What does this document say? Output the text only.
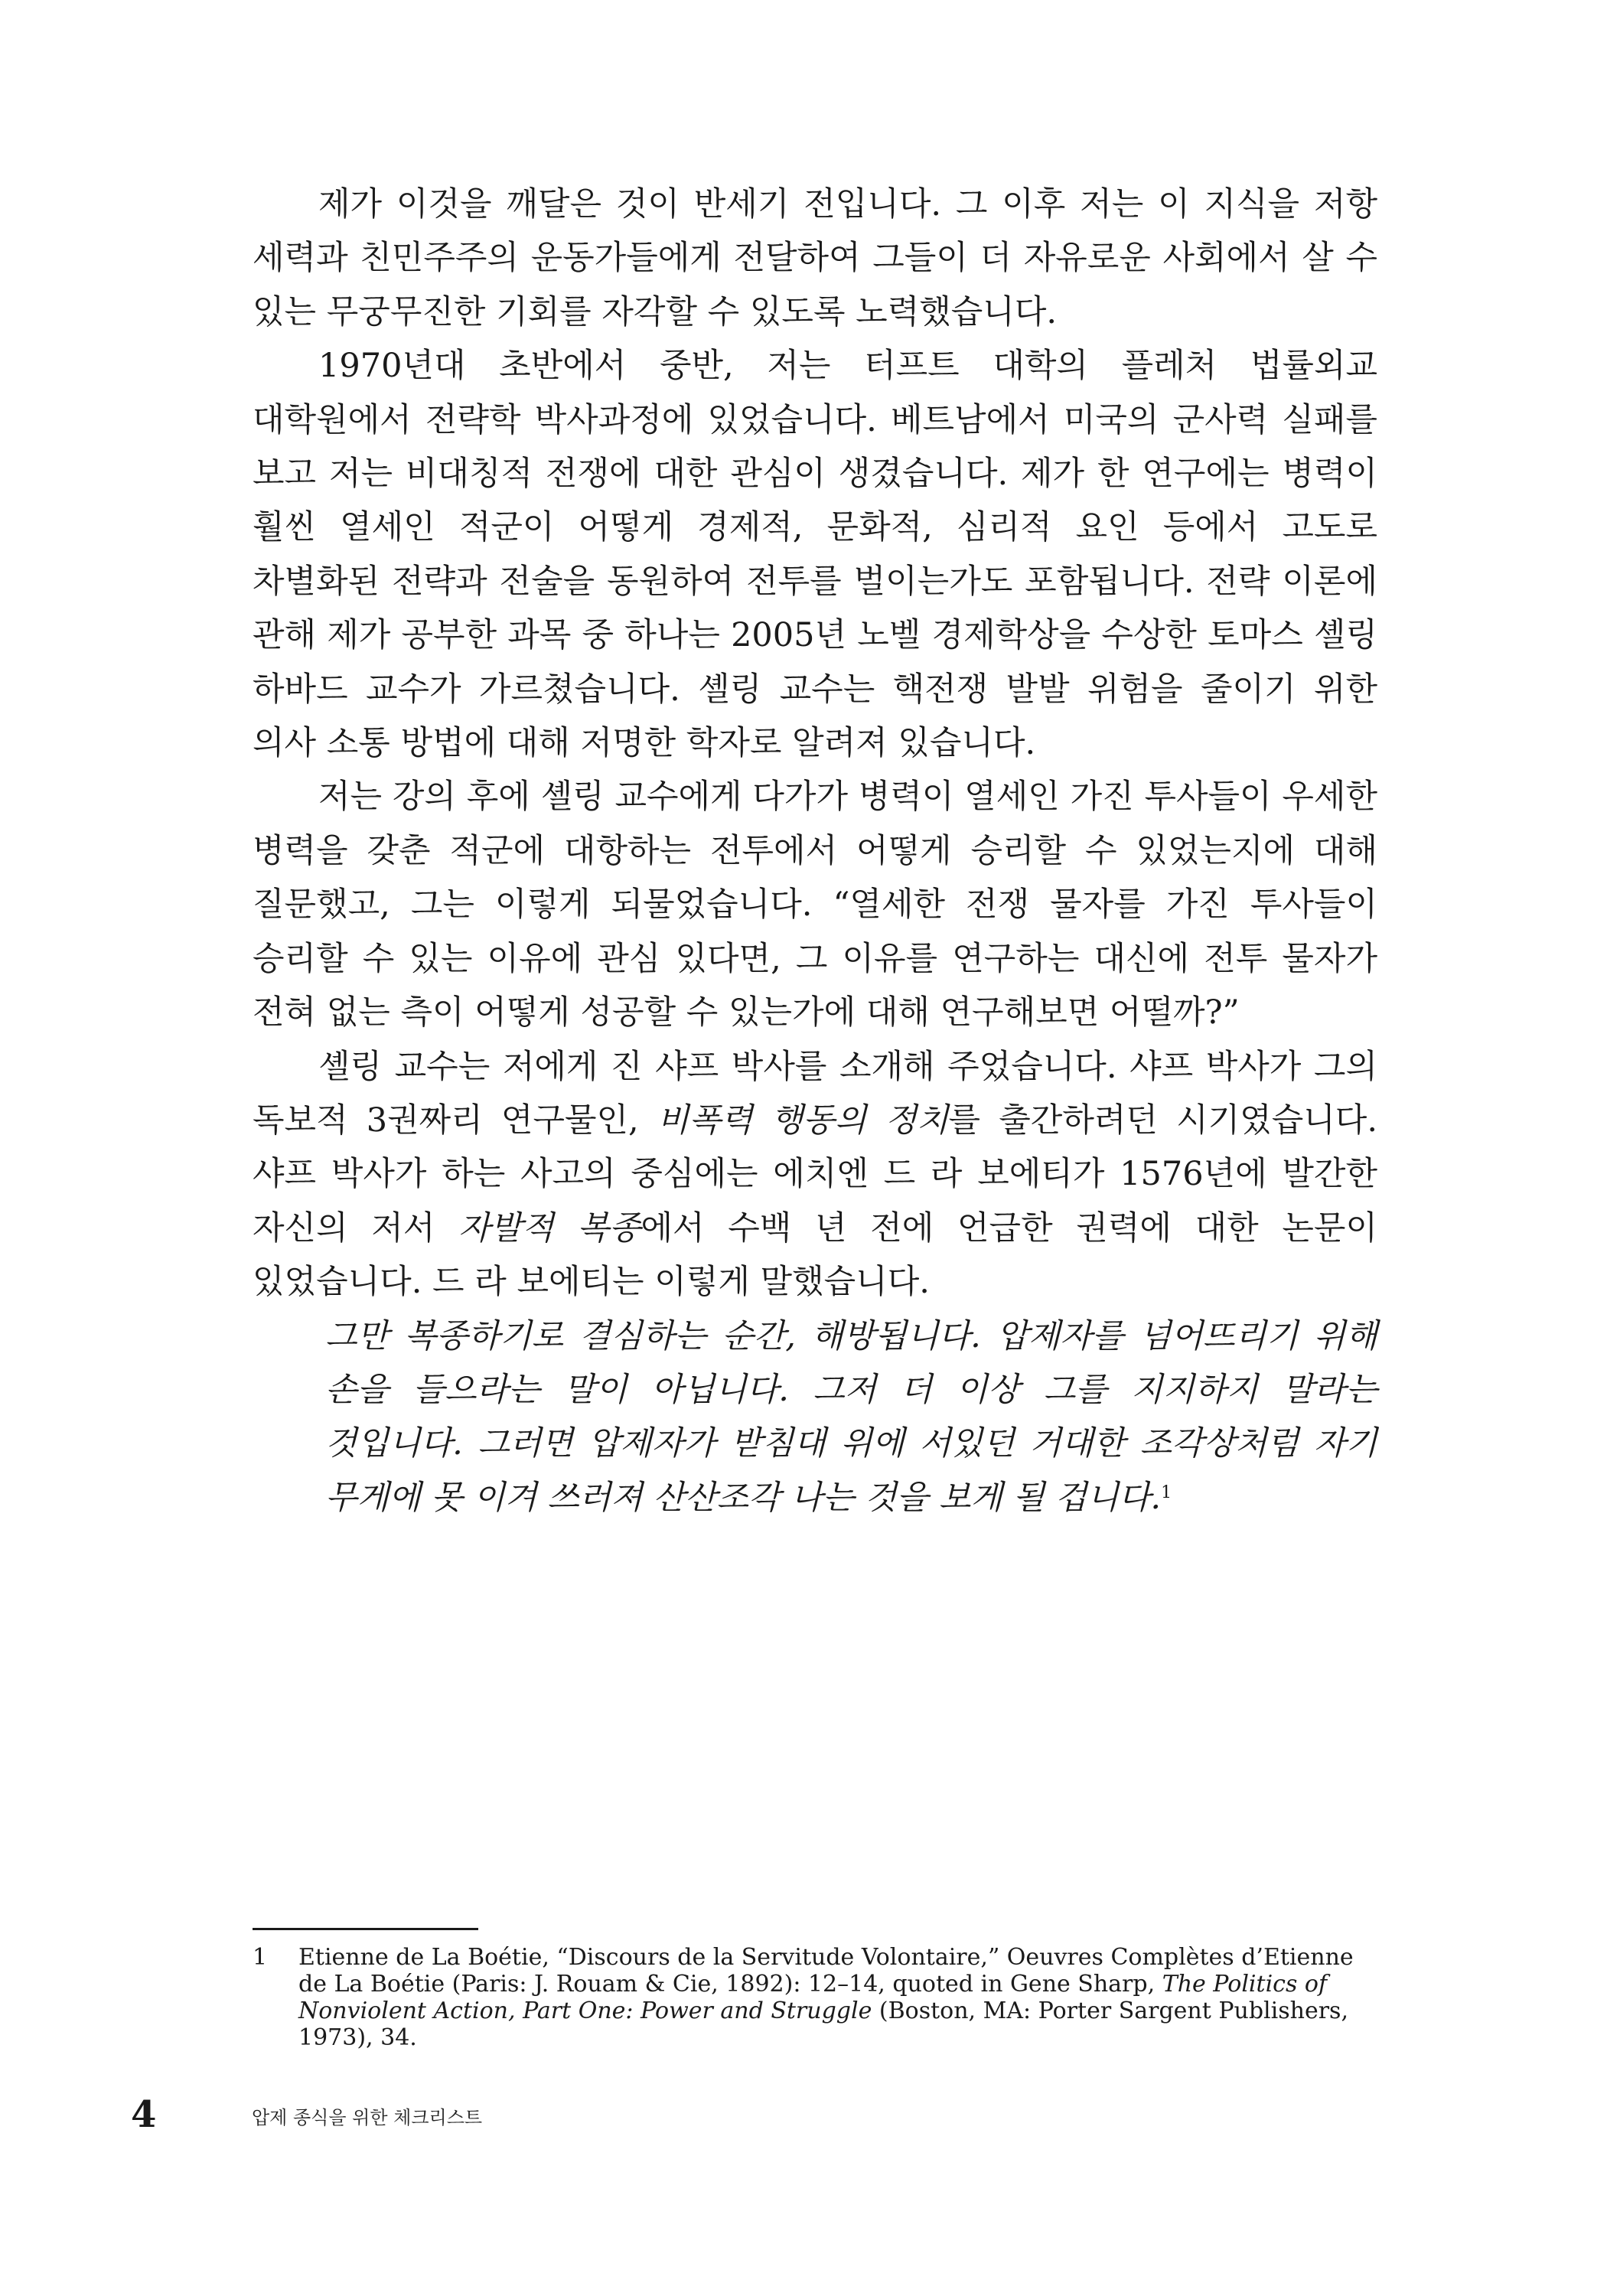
제가 이것을 깨달은 것이 반세기 전입니다. 그 이후 저는 이 지식을 저항 세력과 친민주주의 운동가들에게 전달하여 그들이 더 자유로운 사회에서 살 수 있는 무궁무진한 기회를 자각할 수 있도록 노력했습니다.

1970년대 초반에서 중반, 저는 터프트 대학의 플레처 법률외교 대학원에서 전략학 박사과정에 있었습니다. 베트남에서 미국의 군사력 실패를 보고 저는 비대칭적 전쟁에 대한 관심이 생겼습니다. 제가 한 연구에는 병력이 훨씬 열세인 적군이 어떻게 경제적, 문화적, 심리적 요인 등에서 고도로 차별화된 전략과 전술을 동원하여 전투를 벌이는가도 포함됩니다. 전략 이론에 관해 제가 공부한 과목 중 하나는 2005년 노벨 경제학상을 수상한 토마스 셸링 하바드 교수가 가르쳤습니다. 셸링 교수는 핵전쟁 발발 위험을 줄이기 위한 의사 소통 방법에 대해 저명한 학자로 알려져 있습니다.

저는 강의 후에 셸링 교수에게 다가가 병력이 열세인 가진 투사들이 우세한 병력을 갖춘 적군에 대항하는 전투에서 어떻게 승리할 수 있었는지에 대해 질문했고, 그는 이렇게 되물었습니다. “열세한 전쟁 물자를 가진 투사들이 승리할 수 있는 이유에 관심 있다면, 그 이유를 연구하는 대신에 전투 물자가 전혀 없는 측이 어떻게 성공할 수 있는가에 대해 연구해보면 어떨까?”

셸링 교수는 저에게 진 샤프 박사를 소개해 주었습니다. 샤프 박사가 그의 독보적 3권짜리 연구물인, 비폭력 행동의 정치를 출간하려던 시기였습니다. 샤프 박사가 하는 사고의 중심에는 에치엔 드 라 보에티가 1576년에 발간한 자신의 저서 자발적 복종에서 수백 년 전에 언급한 권력에 대한 논문이 있었습니다. 드 라 보에티는 이렇게 말했습니다.

그만 복종하기로 결심하는 순간, 해방됩니다. 압제자를 넘어뜨리기 위해 손을 들으라는 말이 아닙니다. 그저 더 이상 그를 지지하지 말라는 것입니다. 그러면 압제자가 받침대 위에 서있던 거대한 조각상처럼 자기 무게에 못 이겨 쓰러져 산산조각 나는 것을 보게 될 겁니다.$^1$

1 Etienne de La Boétie, “Discours de la Servitude Volontaire,” Oeuvres Complètes d’Etienne de La Boétie (Paris: J. Rouam & Cie, 1892): 12–14, quoted in Gene Sharp, The Politics of Nonviolent Action, Part One: Power and Struggle (Boston, MA: Porter Sargent Publishers, 1973), 34.
4	압제 종식을 위한 체크리스트
